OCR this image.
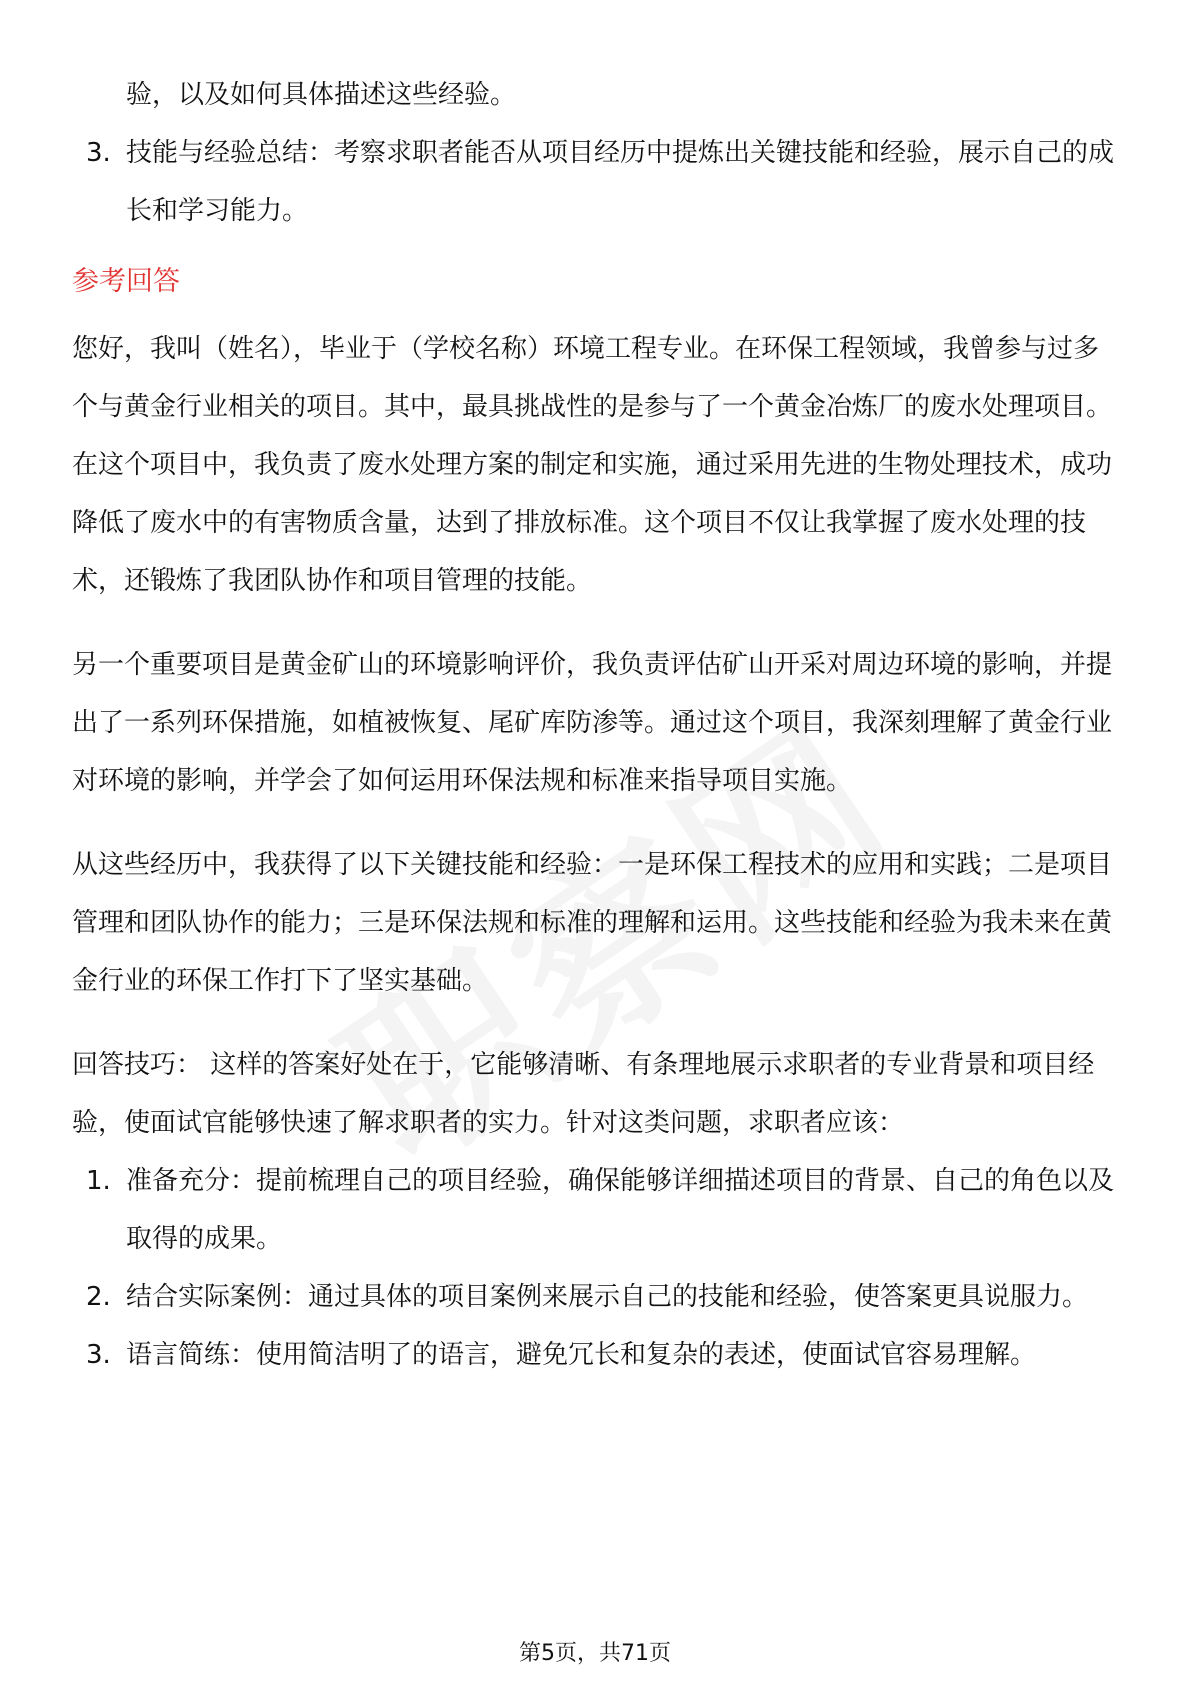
验，以及如何具体描述这些经验。

3. 技能与经验总结：考察求职者能否从项目经历中提炼出关键技能和经验，展示自己的成长和学习能力。
参考回答

您好，我叫（姓名），毕业于（学校名称）环境工程专业。在环保工程领域，我曾参与过多个与黄金行业相关的项目。其中，最具挑战性的是参与了一个黄金冶炼厂的废水处理项目。在这个项目中，我负责了废水处理方案的制定和实施，通过采用先进的生物处理技术，成功降低了废水中的有害物质含量，达到了排放标准。这个项目不仅让我掌握了废水处理的技术，还锻炼了我团队协作和项目管理的技能。

另一个重要项目是黄金矿山的环境影响评价，我负责评估矿山开采对周边环境的影响，并提出了一系列环保措施，如植被恢复、尾矿库防渗等。通过这个项目，我深刻理解了黄金行业对环境的影响，并学会了如何运用环保法规和标准来指导项目实施。

从这些经历中，我获得了以下关键技能和经验：一是环保工程技术的应用和实践；二是项目管理和团队协作的能力；三是环保法规和标准的理解和运用。这些技能和经验为我未来在黄金行业的环保工作打下了坚实基础。

回答技巧： 这样的答案好处在于，它能够清晰、有条理地展示求职者的专业背景和项目经验，使面试官能够快速了解求职者的实力。针对这类问题，求职者应该：

1. 准备充分：提前梳理自己的项目经验，确保能够详细描述项目的背景、自己的角色以及取得的成果。
2. 结合实际案例：通过具体的项目案例来展示自己的技能和经验，使答案更具说服力。
3. 语言简练：使用简洁明了的语言，避免冗长和复杂的表述，使面试官容易理解。
第5页，共71页
